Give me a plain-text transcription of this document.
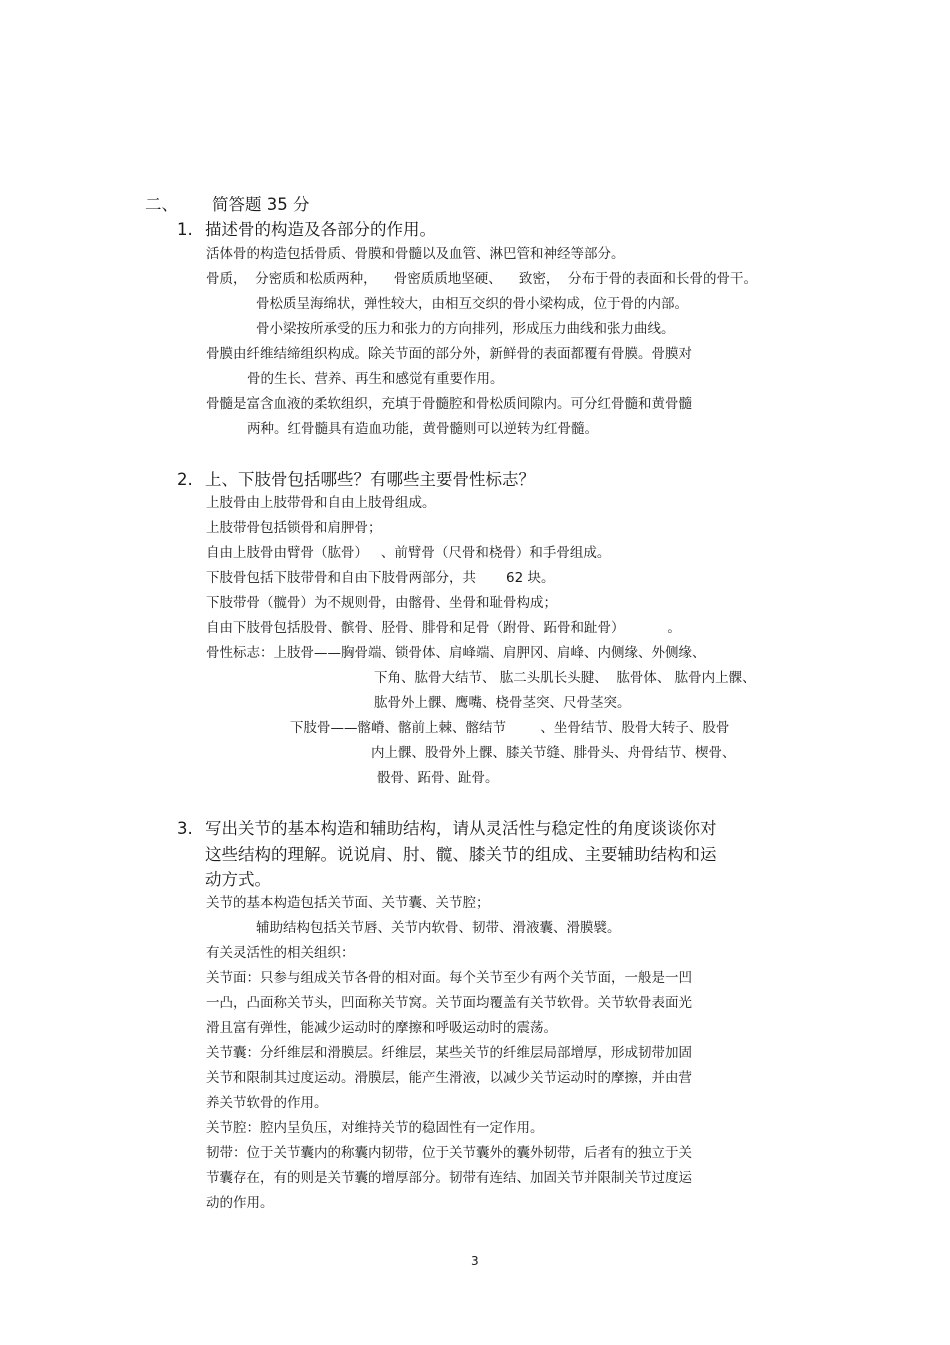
二、 简答题 35 分
1. 描述骨的构造及各部分的作用。
活体骨的构造包括骨质、骨膜和骨髓以及血管、淋巴管和神经等部分。
骨质，  分密质和松质两种，    骨密质质地坚硬、    致密，  分布于骨的表面和长骨的骨干。
骨松质呈海绵状，弹性较大，由相互交织的骨小梁构成，位于骨的内部。
骨小梁按所承受的压力和张力的方向排列，形成压力曲线和张力曲线。
骨膜由纤维结缔组织构成。除关节面的部分外，新鲜骨的表面都覆有骨膜。骨膜对
骨的生长、营养、再生和感觉有重要作用。
骨髓是富含血液的柔软组织，充填于骨髓腔和骨松质间隙内。可分红骨髓和黄骨髓
两种。红骨髓具有造血功能，黄骨髓则可以逆转为红骨髓。
2. 上、下肢骨包括哪些？有哪些主要骨性标志？
上肢骨由上肢带骨和自由上肢骨组成。
上肢带骨包括锁骨和肩胛骨；
自由上肢骨由臂骨（肱骨）   、前臂骨（尺骨和桡骨）和手骨组成。
下肢骨包括下肢带骨和自由下肢骨两部分，共       62 块。
下肢带骨（髋骨）为不规则骨，由髂骨、坐骨和耻骨构成；
自由下肢骨包括股骨、髌骨、胫骨、腓骨和足骨（跗骨、跖骨和趾骨）          。
骨性标志：上肢骨——胸骨端、锁骨体、肩峰端、肩胛冈、肩峰、内侧缘、外侧缘、
下角、肱骨大结节、 肱二头肌长头腱、  肱骨体、 肱骨内上髁、
肱骨外上髁、鹰嘴、桡骨茎突、尺骨茎突。
下肢骨——髂嵴、髂前上棘、髂结节        、坐骨结节、股骨大转子、股骨
内上髁、股骨外上髁、膝关节缝、腓骨头、舟骨结节、楔骨、
骰骨、跖骨、趾骨。
3. 写出关节的基本构造和辅助结构，请从灵活性与稳定性的角度谈谈你对
这些结构的理解。说说肩、肘、髋、膝关节的组成、主要辅助结构和运
动方式。
关节的基本构造包括关节面、关节囊、关节腔；
辅助结构包括关节唇、关节内软骨、韧带、滑液囊、滑膜襞。
有关灵活性的相关组织：
关节面：只参与组成关节各骨的相对面。每个关节至少有两个关节面，一般是一凹
一凸，凸面称关节头，凹面称关节窝。关节面均覆盖有关节软骨。关节软骨表面光
滑且富有弹性，能减少运动时的摩擦和呼吸运动时的震荡。
关节囊：分纤维层和滑膜层。纤维层，某些关节的纤维层局部增厚，形成韧带加固
关节和限制其过度运动。滑膜层，能产生滑液，以减少关节运动时的摩擦，并由营
养关节软骨的作用。
关节腔：腔内呈负压，对维持关节的稳固性有一定作用。
韧带：位于关节囊内的称囊内韧带，位于关节囊外的囊外韧带，后者有的独立于关
节囊存在，有的则是关节囊的增厚部分。韧带有连结、加固关节并限制关节过度运
动的作用。
3
